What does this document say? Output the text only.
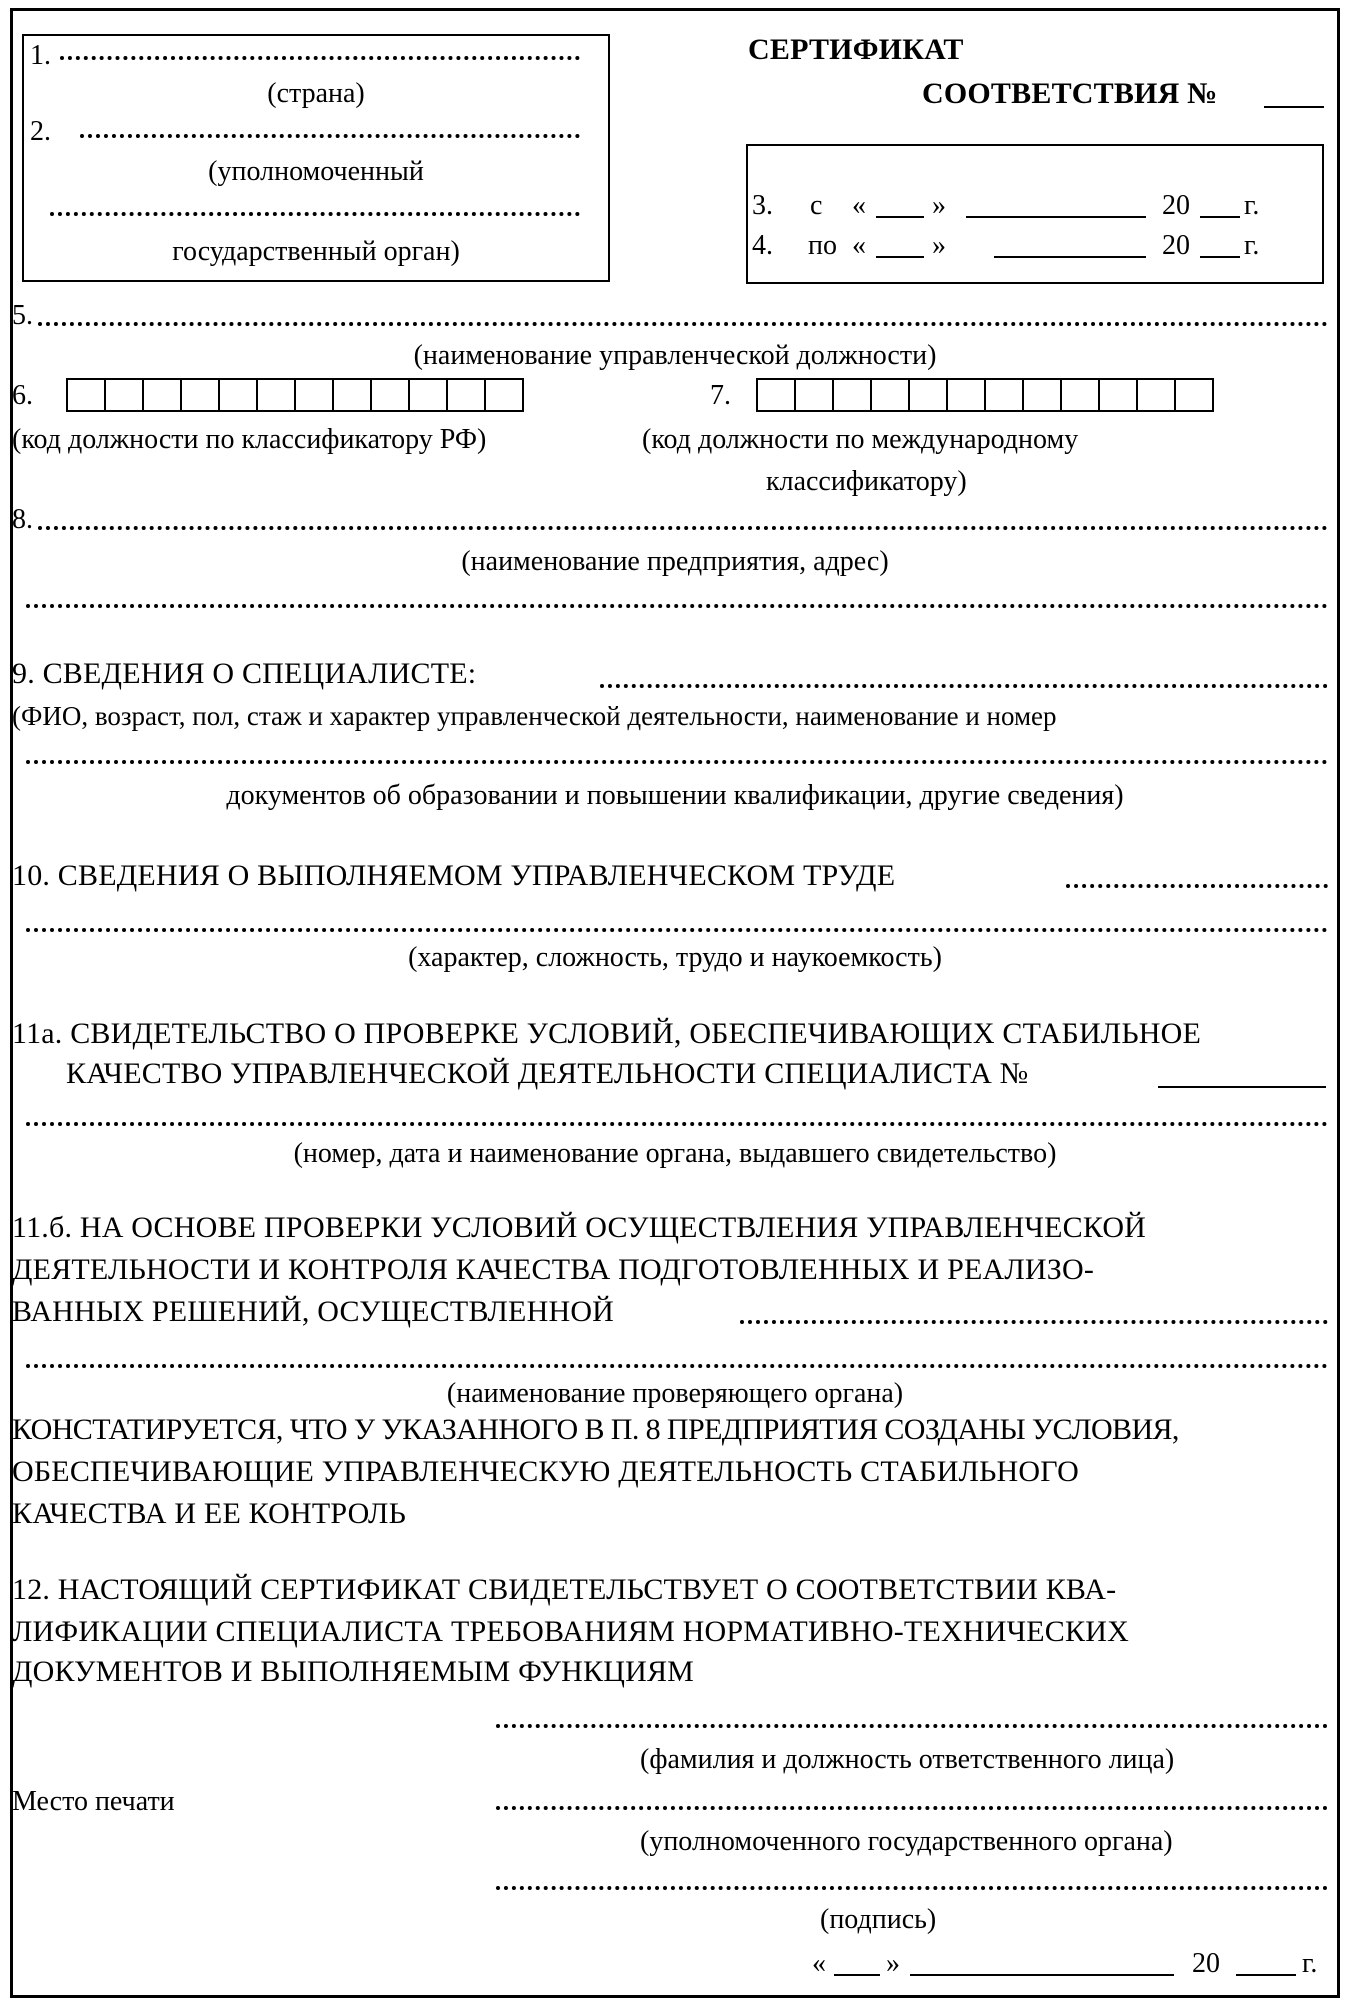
1.
(страна)
2.
(уполномоченный
государственный орган)
СЕРТИФИКАТ
СООТВЕТСТВИЯ №
3. с « »	20 г.
4. по « »	20 г.
5.
(наименование управленческой должности)
6.
(код должности по классификатору РФ)
7.
(код должности по международному
классификатору)
8.
(наименование предприятия, адрес)
9. СВЕДЕНИЯ О СПЕЦИАЛИСТЕ:
(ФИО, возраст, пол, стаж и характер управленческой деятельности, наименование и номер
документов об образовании и повышении квалификации, другие сведения)
10. СВЕДЕНИЯ О ВЫПОЛНЯЕМОМ УПРАВЛЕНЧЕСКОМ ТРУДЕ
(характер, сложность, трудо и наукоемкость)
11а. СВИДЕТЕЛЬСТВО О ПРОВЕРКЕ УСЛОВИЙ, ОБЕСПЕЧИВАЮЩИХ СТАБИЛЬНОЕ
КАЧЕСТВО УПРАВЛЕНЧЕСКОЙ ДЕЯТЕЛЬНОСТИ СПЕЦИАЛИСТА №
(номер, дата и наименование органа, выдавшего свидетельство)
11.б. НА ОСНОВЕ ПРОВЕРКИ УСЛОВИЙ ОСУЩЕСТВЛЕНИЯ УПРАВЛЕНЧЕСКОЙ
ДЕЯТЕЛЬНОСТИ И КОНТРОЛЯ КАЧЕСТВА ПОДГОТОВЛЕННЫХ И РЕАЛИЗО-
ВАННЫХ РЕШЕНИЙ, ОСУЩЕСТВЛЕННОЙ
(наименование проверяющего органа)
КОНСТАТИРУЕТСЯ, ЧТО У УКАЗАННОГО В П. 8 ПРЕДПРИЯТИЯ СОЗДАНЫ УСЛОВИЯ,
ОБЕСПЕЧИВАЮЩИЕ УПРАВЛЕНЧЕСКУЮ ДЕЯТЕЛЬНОСТЬ СТАБИЛЬНОГО
КАЧЕСТВА И ЕЕ КОНТРОЛЬ
12. НАСТОЯЩИЙ СЕРТИФИКАТ СВИДЕТЕЛЬСТВУЕТ О СООТВЕТСТВИИ КВА-
ЛИФИКАЦИИ СПЕЦИАЛИСТА ТРЕБОВАНИЯМ НОРМАТИВНО-ТЕХНИЧЕСКИХ
ДОКУМЕНТОВ И ВЫПОЛНЯЕМЫМ ФУНКЦИЯМ
(фамилия и должность ответственного лица)
Место печати
(уполномоченного государственного органа)
(подпись)
« »	20	г.
